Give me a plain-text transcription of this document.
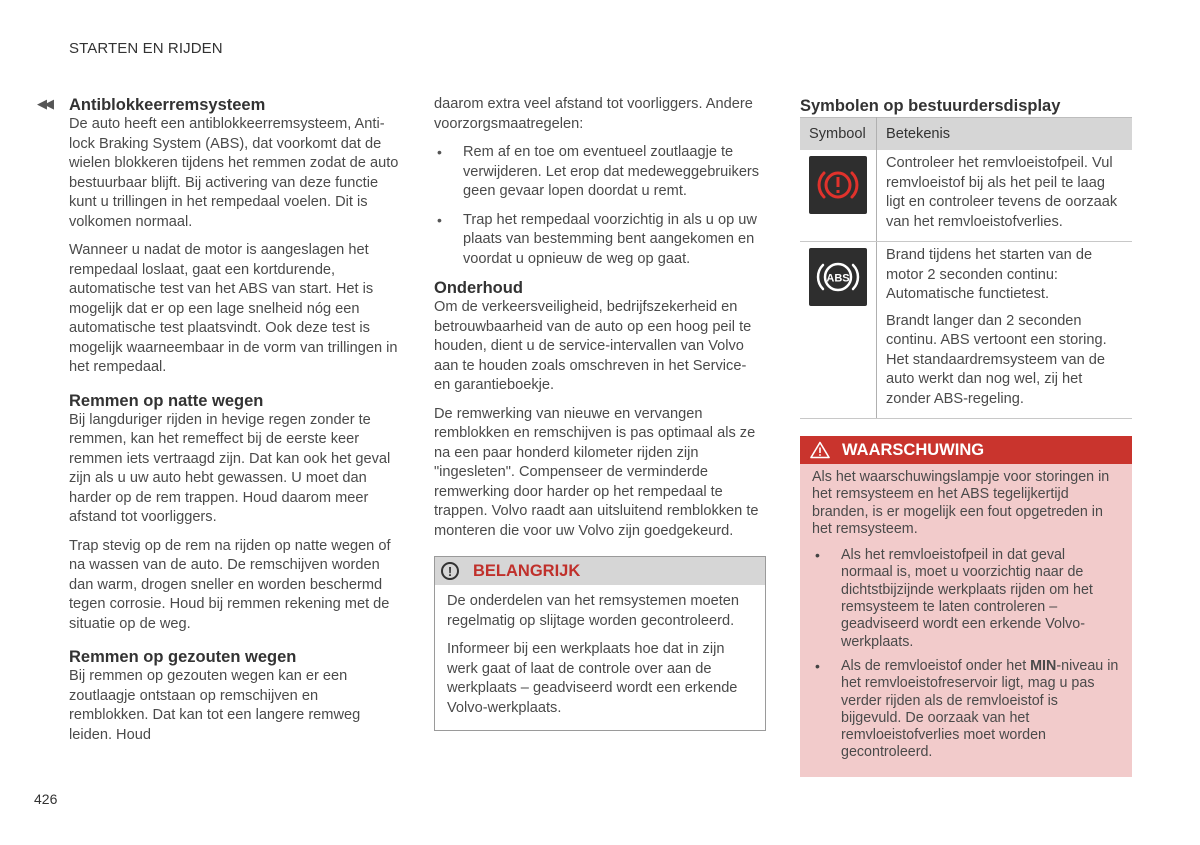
STARTEN EN RIJDEN
◀◀ Antiblokkeerremsysteem

De auto heeft een antiblokkeerremsysteem, Anti-lock Braking System (ABS), dat voorkomt dat de wielen blokkeren tijdens het remmen zodat de auto bestuurbaar blijft. Bij activering van deze functie kunt u trillingen in het rempedaal voelen. Dit is volkomen normaal.

Wanneer u nadat de motor is aangeslagen het rempedaal loslaat, gaat een kortdurende, automatische test van het ABS van start. Het is mogelijk dat er op een lage snelheid nóg een automatische test plaatsvindt. Ook deze test is mogelijk waarneembaar in de vorm van trillingen in het rempedaal.

Remmen op natte wegen

Bij langduriger rijden in hevige regen zonder te remmen, kan het remeffect bij de eerste keer remmen iets vertraagd zijn. Dat kan ook het geval zijn als u uw auto hebt gewassen. U moet dan harder op de rem trappen. Houd daarom meer afstand tot voorliggers.

Trap stevig op de rem na rijden op natte wegen of na wassen van de auto. De remschijven worden dan warm, drogen sneller en worden beschermd tegen corrosie. Houd bij remmen rekening met de situatie op de weg.

Remmen op gezouten wegen

Bij remmen op gezouten wegen kan er een zoutlaagje ontstaan op remschijven en remblokken. Dat kan tot een langere remweg leiden. Houd

daarom extra veel afstand tot voorliggers. Andere voorzorgsmaatregelen:

• Rem af en toe om eventueel zoutlaagje te verwijderen. Let erop dat medeweggebruikers geen gevaar lopen doordat u remt.
• Trap het rempedaal voorzichtig in als u op uw plaats van bestemming bent aangekomen en voordat u opnieuw de weg op gaat.
Onderhoud

Om de verkeersveiligheid, bedrijfszekerheid en betrouwbaarheid van de auto op een hoog peil te houden, dient u de service-intervallen van Volvo aan te houden zoals omschreven in het Service- en garantieboekje.

De remwerking van nieuwe en vervangen remblokken en remschijven is pas optimaal als ze na een paar honderd kilometer rijden zijn "ingesleten". Compenseer de verminderde remwerking door harder op het rempedaal te trappen. Volvo raadt aan uitsluitend remblokken te monteren die voor uw Volvo zijn goedgekeurd.

!	BELANGRIJK

De onderdelen van het remsystemen moeten regelmatig op slijtage worden gecontroleerd.

Informeer bij een werkplaats hoe dat in zijn werk gaat of laat de controle over aan de werkplaats – geadviseerd wordt een erkende Volvo-werkplaats.

Symbolen op bestuurdersdisplay
Symbool	Betekenis

Controleer het remvloeistofpeil. Vul remvloeistof bij als het peil te laag ligt en controleer tevens de oorzaak van het remvloeistofverlies.

ABS	Brand tijdens het starten van de motor 2 seconden continu: Automatische functietest.

Brandt langer dan 2 seconden continu. ABS vertoont een storing. Het standaardremsysteem van de auto werkt dan nog wel, zij het zonder ABS-regeling.

WAARSCHUWING

Als het waarschuwingslampje voor storingen in het remsysteem en het ABS tegelijkertijd branden, is er mogelijk een fout opgetreden in het remsysteem.

• Als het remvloeistofpeil in dat geval normaal is, moet u voorzichtig naar de dichtstbijzijnde werkplaats rijden om het remsysteem te laten controleren – geadviseerd wordt een erkende Volvo-werkplaats.
• Als de remvloeistof onder het MIN-niveau in het remvloeistofreservoir ligt, mag u pas verder rijden als de remvloeistof is bijgevuld. De oorzaak van het remvloeistofverlies moet worden gecontroleerd.
426
